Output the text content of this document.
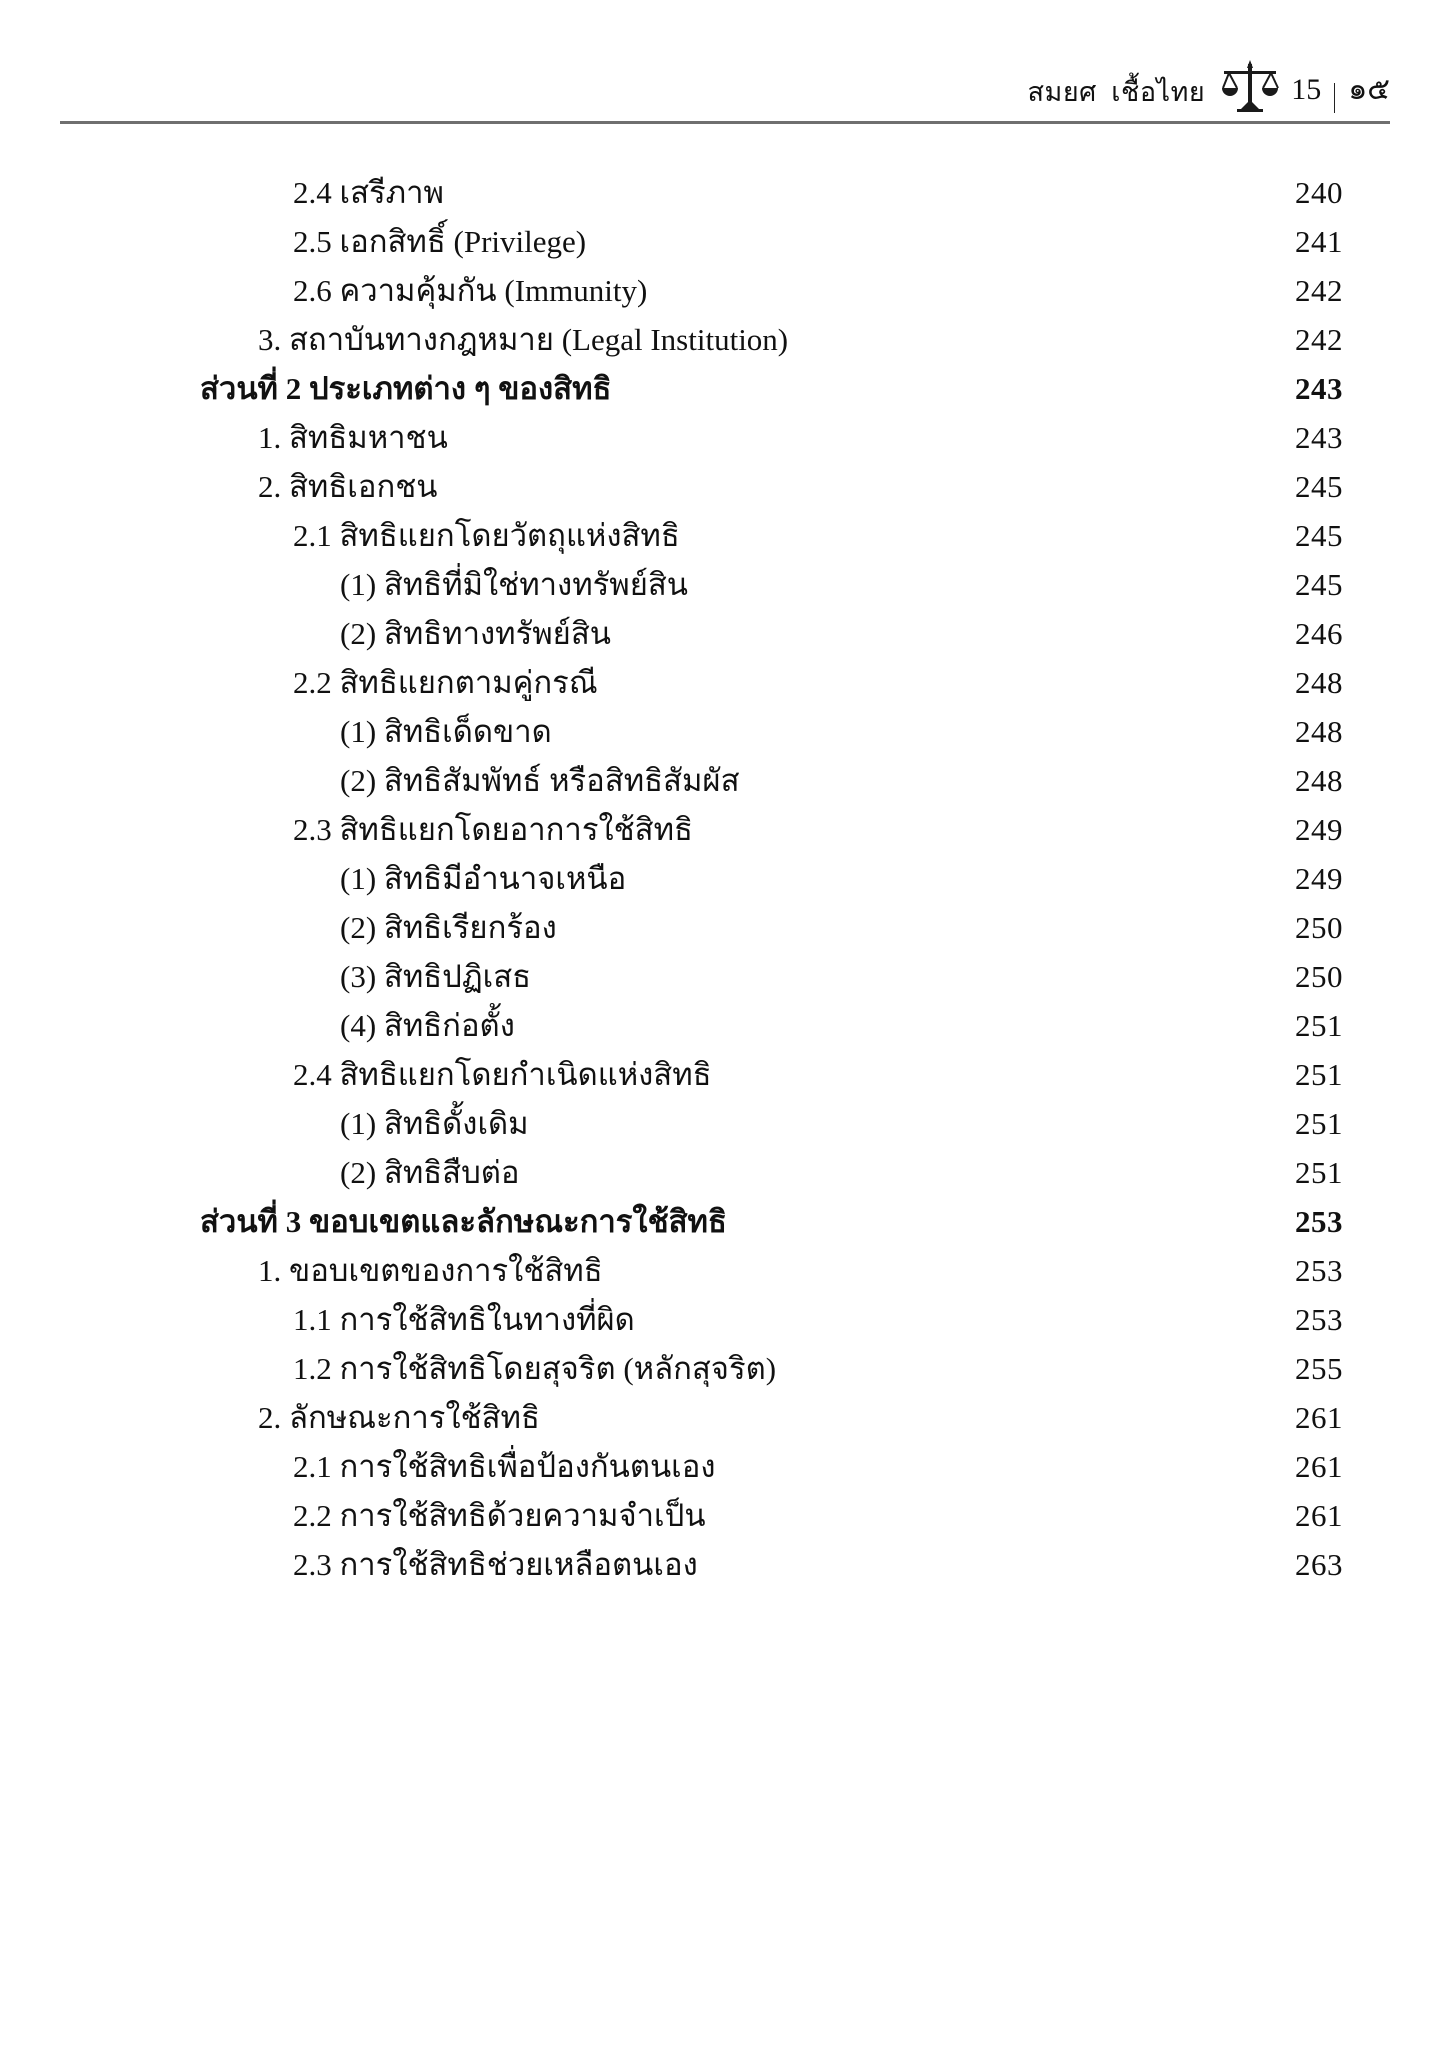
สมยศ  เชื้อไทย	15 ๑๕
2.4 เสรีภาพ	240
2.5 เอกสิทธิ์ (Privilege)	241
2.6 ความคุ้มกัน (Immunity)	242
3. สถาบันทางกฎหมาย (Legal Institution)	242
ส่วนที่ 2 ประเภทต่าง ๆ ของสิทธิ	243
1. สิทธิมหาชน	243
2. สิทธิเอกชน	245
2.1 สิทธิแยกโดยวัตถุแห่งสิทธิ	245
(1) สิทธิที่มิใช่ทางทรัพย์สิน	245
(2) สิทธิทางทรัพย์สิน	246
2.2 สิทธิแยกตามคู่กรณี	248
(1) สิทธิเด็ดขาด	248
(2) สิทธิสัมพัทธ์ หรือสิทธิสัมผัส	248
2.3 สิทธิแยกโดยอาการใช้สิทธิ	249
(1) สิทธิมีอำนาจเหนือ	249
(2) สิทธิเรียกร้อง	250
(3) สิทธิปฏิเสธ	250
(4) สิทธิก่อตั้ง	251
2.4 สิทธิแยกโดยกำเนิดแห่งสิทธิ	251
(1) สิทธิดั้งเดิม	251
(2) สิทธิสืบต่อ	251
ส่วนที่ 3 ขอบเขตและลักษณะการใช้สิทธิ	253
1. ขอบเขตของการใช้สิทธิ	253
1.1 การใช้สิทธิในทางที่ผิด	253
1.2 การใช้สิทธิโดยสุจริต (หลักสุจริต)	255
2. ลักษณะการใช้สิทธิ	261
2.1 การใช้สิทธิเพื่อป้องกันตนเอง	261
2.2 การใช้สิทธิด้วยความจำเป็น	261
2.3 การใช้สิทธิช่วยเหลือตนเอง	263
